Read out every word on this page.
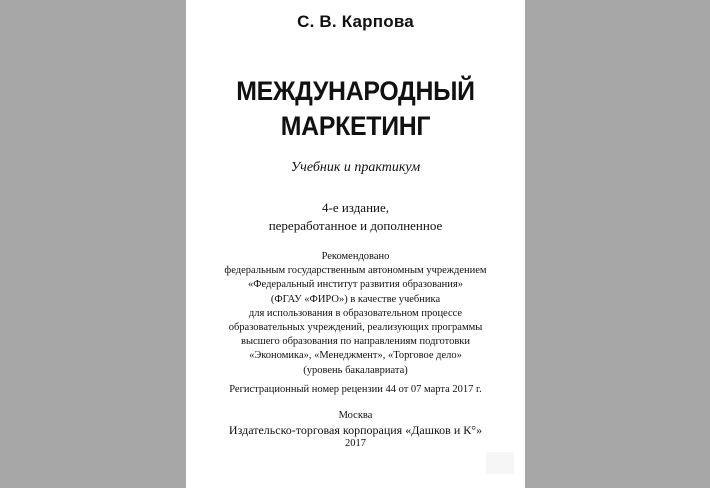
С. В. Карпова
МЕЖДУНАРОДНЫЙ
МАРКЕТИНГ
Учебник и практикум
4-е издание,
переработанное и дополненное
Рекомендовано
федеральным государственным автономным учреждением
«Федеральный институт развития образования»
(ФГАУ «ФИРО») в качестве учебника
для использования в образовательном процессе
образовательных учреждений, реализующих программы
высшего образования по направлениям подготовки
«Экономика», «Менеджмент», «Торговое дело»
(уровень бакалавриата)
Регистрационный номер рецензии 44 от 07 марта 2017 г.
Москва
Издательско-торговая корпорация «Дашков и К°»
2017
